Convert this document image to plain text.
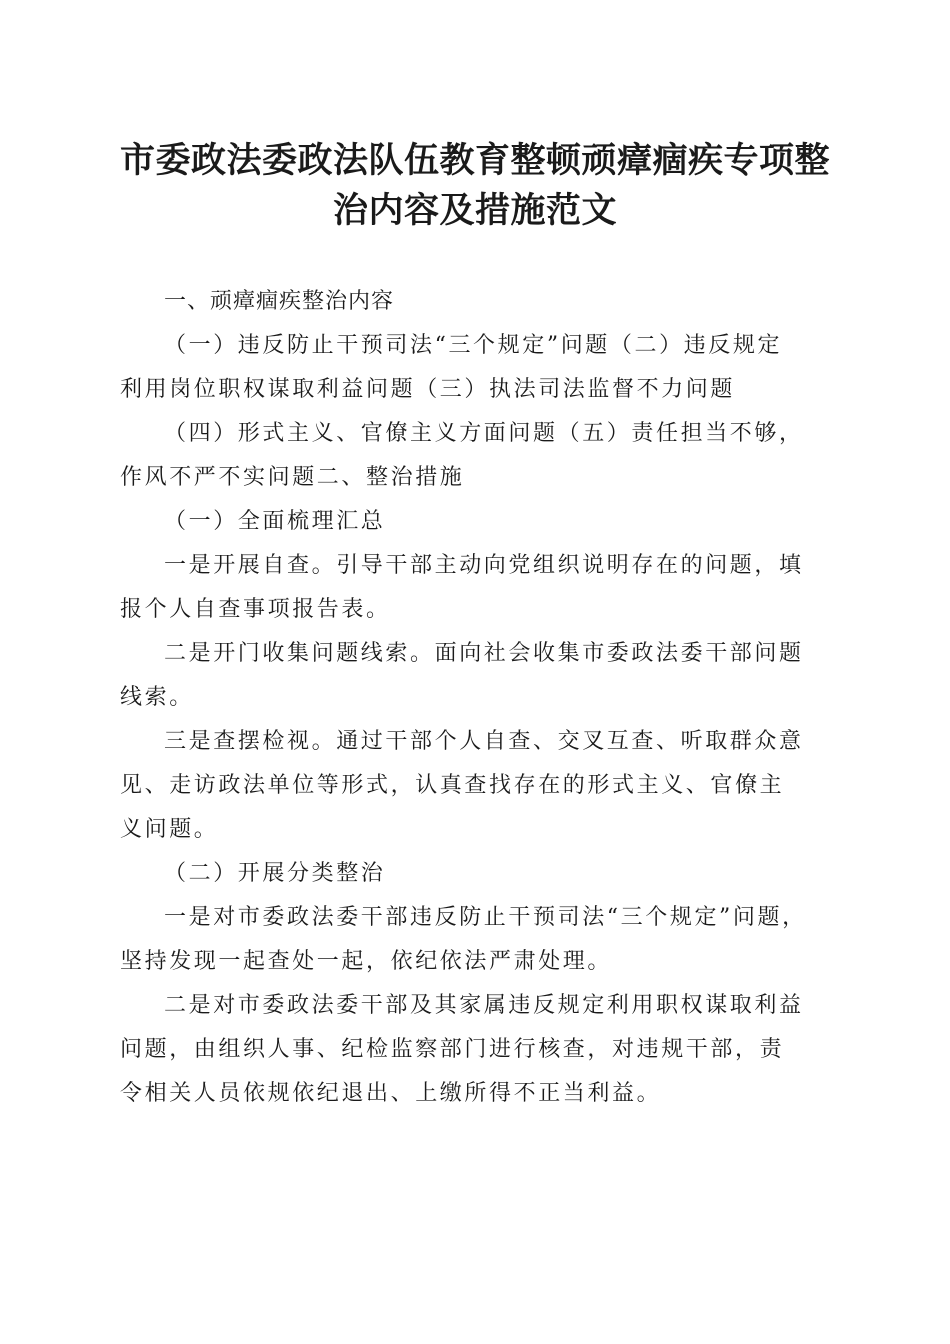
市委政法委政法队伍教育整顿顽瘴痼疾专项整
治内容及措施范文

一、顽瘴痼疾整治内容

（一）违反防止干预司法“三个规定”问题（二）违反规定
利用岗位职权谋取利益问题（三）执法司法监督不力问题

（四）形式主义、官僚主义方面问题（五）责任担当不够，
作风不严不实问题二、整治措施

（一）全面梳理汇总

一是开展自查。引导干部主动向党组织说明存在的问题，填
报个人自查事项报告表。

二是开门收集问题线索。面向社会收集市委政法委干部问题
线索。

三是查摆检视。通过干部个人自查、交叉互查、听取群众意
见、走访政法单位等形式，认真查找存在的形式主义、官僚主
义问题。

（二）开展分类整治

一是对市委政法委干部违反防止干预司法“三个规定”问题，
坚持发现一起查处一起，依纪依法严肃处理。

二是对市委政法委干部及其家属违反规定利用职权谋取利益
问题，由组织人事、纪检监察部门进行核查，对违规干部，责
令相关人员依规依纪退出、上缴所得不正当利益。
